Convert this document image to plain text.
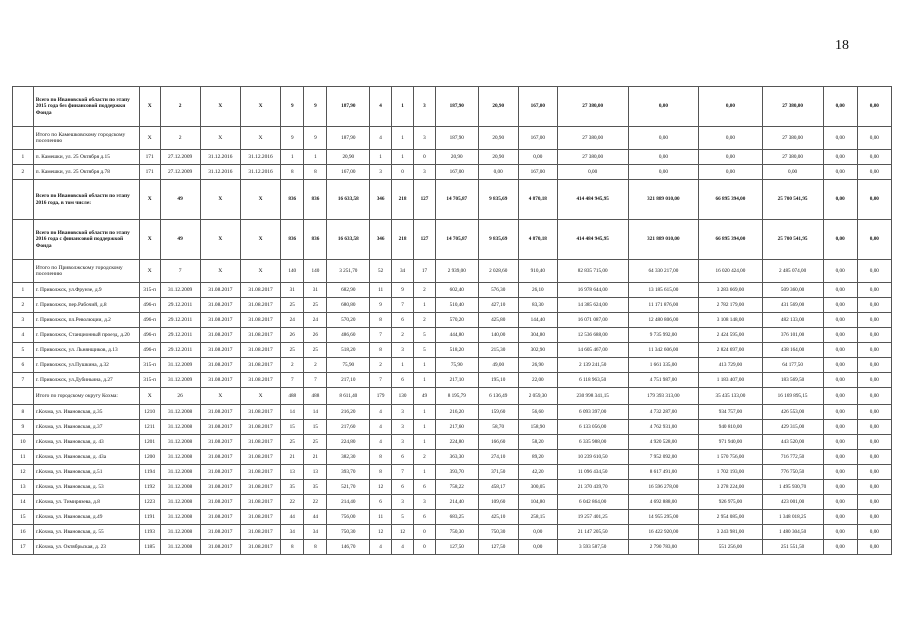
18
	Всего по Ивановской области по этапу 2015 года без финансовой поддержки Фонда	Х	2	Х	Х	9	9	187,90	4	1	3	187,90	20,90	167,00	27 380,00	0,00	0,00	27 380,00	0,00	0,00
	Итого по Камешковскому городскому поселению	Х	2	Х	Х	9	9	187,90	4	1	3	187,90	20,90	167,00	27 380,00	0,00	0,00	27 380,00	0,00	0,00
1	п. Камешки, ул. 25 Октября д.15	171	27.12.2009	31.12.2016	31.12.2016	1	1	20,90	1	1	0	20,90	20,90	0,00	27 380,00	0,00	0,00	27 380,00	0,00	0,00
2	п. Камешки, ул. 25 Октября д.78	171	27.12.2009	31.12.2016	31.12.2016	8	8	167,00	3	0	3	167,00	0,00	167,00	0,00	0,00	0,00	0,00	0,00	0,00
	Всего по Ивановской области по этапу 2016 года, в том числе:	Х	49	Х	Х	836	836	16 633,58	346	218	127	14 705,87	9 835,69	4 870,18	414 484 945,95	321 889 010,00	66 895 394,00	25 700 541,95	0,00	0,00
	Всего по Ивановской области по этапу 2016 года с финансовой поддержкой Фонда	Х	49	Х	Х	836	836	16 633,58	346	218	127	14 705,87	9 835,69	4 870,18	414 484 945,95	321 889 010,00	66 895 394,00	25 700 541,95	0,00	0,00
	Итого по Приволжскому городскому поселению	Х	7	Х	Х	140	140	3 251,70	52	34	17	2 939,00	2 028,60	910,40	82 835 715,00	64 330 217,00	16 020 424,00	2 485 074,00	0,00	0,00
1	г. Приволжск, ул.Фрунзе, д.9	315-п	31.12.2009	31.08.2017	31.08.2017	31	31	682,90	11	9	2	602,40	576,30	26,10	16 978 644,00	13 185 615,00	3 283 669,00	509 360,00	0,00	0,00
2	г. Приволжск, пер.Рабочий, д.8	496-п	29.12.2011	31.08.2017	31.08.2017	25	25	680,80	9	7	1	510,40	427,10	83,30	14 385 624,00	11 171 876,00	2 782 179,00	431 569,00	0,00	0,00
3	г. Приволжск, пл.Революции, д.2	496-п	29.12.2011	31.08.2017	31.08.2017	24	24	570,20	8	6	2	570,20	425,80	144,40	16 071 087,00	12 480 806,00	3 108 148,00	482 133,00	0,00	0,00
4	г. Приволжск, Станционный проезд, д.20	496-п	29.12.2011	31.08.2017	31.08.2017	26	26	486,60	7	2	5	444,80	140,00	304,80	12 536 688,00	9 735 992,00	2 424 595,00	376 101,00	0,00	0,00
5	г. Приволжск, ул. Льнянщиков, д.13	496-п	29.12.2011	31.08.2017	31.08.2017	25	25	518,20	8	3	5	518,20	215,30	302,90	14 605 467,00	11 342 606,00	2 824 697,00	438 164,00	0,00	0,00
6	г. Приволжск, ул.Пушкина, д.32	315-п	31.12.2009	31.08.2017	31.08.2017	2	2	75,90	2	1	1	75,90	49,00	26,90	2 139 241,50	1 661 335,00	413 729,00	64 177,50	0,00	0,00
7	г. Приволжск, ул.Дубиньина, д.27	315-п	31.12.2009	31.08.2017	31.08.2017	7	7	217,10	7	6	1	217,10	195,10	22,00	6 118 963,50	4 751 987,00	1 183 407,00	183 569,50	0,00	0,00
	Итого по городскому округу Кохма:	Х	26	Х	Х	488	488	8 611,40	179	130	49	8 195,79	6 136,49	2 059,30	230 998 341,15	179 393 313,00	35 435 133,00	16 169 895,15	0,00	0,00
8	г.Кохма, ул. Ивановская, д.35	1210	31.12.2008	31.08.2017	31.08.2017	14	14	216,20	4	3	1	216,20	159,60	56,60	6 093 397,00	4 732 287,00	934 757,00	426 553,00	0,00	0,00
9	г.Кохма, ул. Ивановская, д.37	1211	31.12.2008	31.08.2017	31.08.2017	15	15	217,60	4	3	1	217,60	58,70	158,90	6 133 056,00	4 762 931,00	940 810,00	429 315,00	0,00	0,00
10	г.Кохма, ул. Ивановская, д. 43	1201	31.12.2008	31.08.2017	31.08.2017	25	25	224,80	4	3	1	224,80	166,60	58,20	6 335 988,00	4 920 528,00	971 940,00	443 520,00	0,00	0,00
11	г.Кохма, ул. Ивановская, д. 43а	1200	31.12.2008	31.08.2017	31.08.2017	21	21	382,30	8	6	2	363,30	274,10	89,20	10 239 610,50	7 952 092,00	1 570 756,00	716 772,50	0,00	0,00
12	г.Кохма, ул. Ивановская, д.51	1194	31.12.2008	31.08.2017	31.08.2017	13	13	393,70	8	7	1	393,70	371,50	42,20	11 096 434,50	8 617 491,00	1 702 193,00	776 750,50	0,00	0,00
13	г.Кохма, ул. Ивановская, д. 53	1192	31.12.2008	31.08.2017	31.08.2017	35	35	521,70	12	6	6	758,22	458,17	300,05	21 370 439,70	16 596 278,00	3 278 224,00	1 495 930,70	0,00	0,00
14	г.Кохма, ул. Тимирязева, д.8	1223	31.12.2008	31.08.2017	31.08.2017	22	22	214,40	6	3	3	214,40	109,60	104,80	6 042 864,00	4 692 888,00	926 975,00	423 001,00	0,00	0,00
15	г.Кохма, ул. Ивановская, д.49	1191	31.12.2008	31.08.2017	31.08.2017	44	44	756,00	11	5	6	683,25	425,10	258,15	19 257 401,25	14 955 295,00	2 954 085,00	1 348 018,25	0,00	0,00
16	г.Кохма, ул. Ивановская, д. 55	1193	31.12.2008	31.08.2017	31.08.2017	34	34	750,30	12	12	0	750,30	750,30	0,00	21 147 205,50	16 422 920,00	3 243 981,00	1 480 304,50	0,00	0,00
17	г.Кохма, ул. Октябрьская, д. 23	1185	31.12.2008	31.08.2017	31.08.2017	8	8	146,70	4	4	0	127,50	127,50	0,00	3 593 587,50	2 790 783,00	551 256,00	251 551,50	0,00	0,00
